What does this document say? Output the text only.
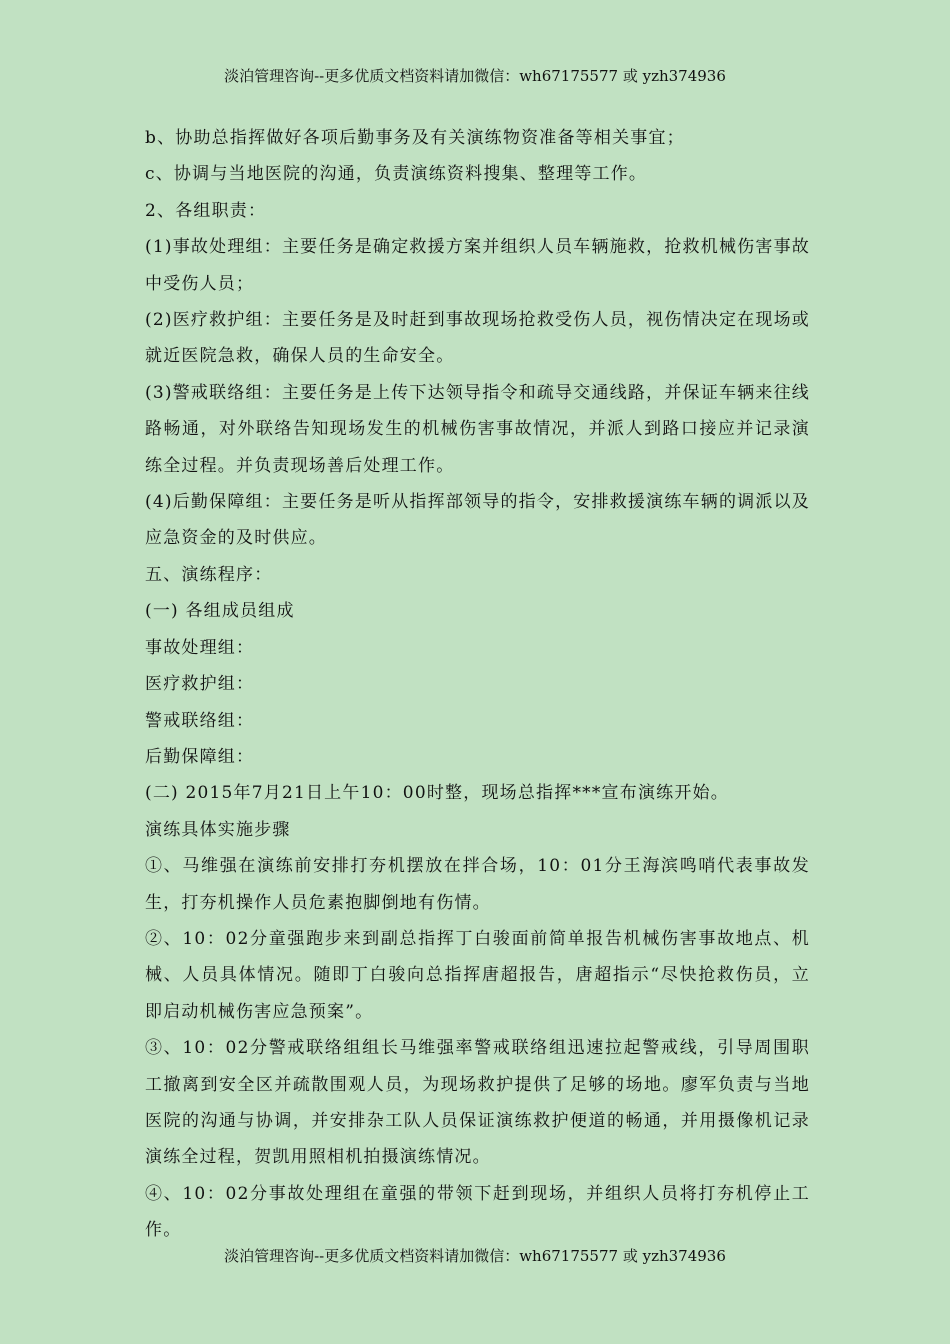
淡泊管理咨询--更多优质文档资料请加微信：wh67175577 或 yzh374936

b、协助总指挥做好各项后勤事务及有关演练物资准备等相关事宜；

c、协调与当地医院的沟通，负责演练资料搜集、整理等工作。

2、各组职责：

(1)事故处理组：主要任务是确定救援方案并组织人员车辆施救，抢救机械伤害事故中受伤人员；

(2)医疗救护组：主要任务是及时赶到事故现场抢救受伤人员，视伤情决定在现场或就近医院急救，确保人员的生命安全。

(3)警戒联络组：主要任务是上传下达领导指令和疏导交通线路，并保证车辆来往线路畅通，对外联络告知现场发生的机械伤害事故情况，并派人到路口接应并记录演练全过程。并负责现场善后处理工作。

(4)后勤保障组：主要任务是听从指挥部领导的指令，安排救援演练车辆的调派以及应急资金的及时供应。

五、演练程序：

(一) 各组成员组成

事故处理组：

医疗救护组：

警戒联络组：

后勤保障组：

(二) 2015年7月21日上午10：00时整，现场总指挥***宣布演练开始。

演练具体实施步骤

①、马维强在演练前安排打夯机摆放在拌合场，10：01分王海滨鸣哨代表事故发生，打夯机操作人员危素抱脚倒地有伤情。

②、10：02分童强跑步来到副总指挥丁白骏面前简单报告机械伤害事故地点、机械、人员具体情况。随即丁白骏向总指挥唐超报告，唐超指示“尽快抢救伤员，立即启动机械伤害应急预案”。

③、10：02分警戒联络组组长马维强率警戒联络组迅速拉起警戒线，引导周围职工撤离到安全区并疏散围观人员，为现场救护提供了足够的场地。廖军负责与当地医院的沟通与协调，并安排杂工队人员保证演练救护便道的畅通，并用摄像机记录演练全过程，贺凯用照相机拍摄演练情况。

④、10：02分事故处理组在童强的带领下赶到现场，并组织人员将打夯机停止工作。

淡泊管理咨询--更多优质文档资料请加微信：wh67175577 或 yzh374936
